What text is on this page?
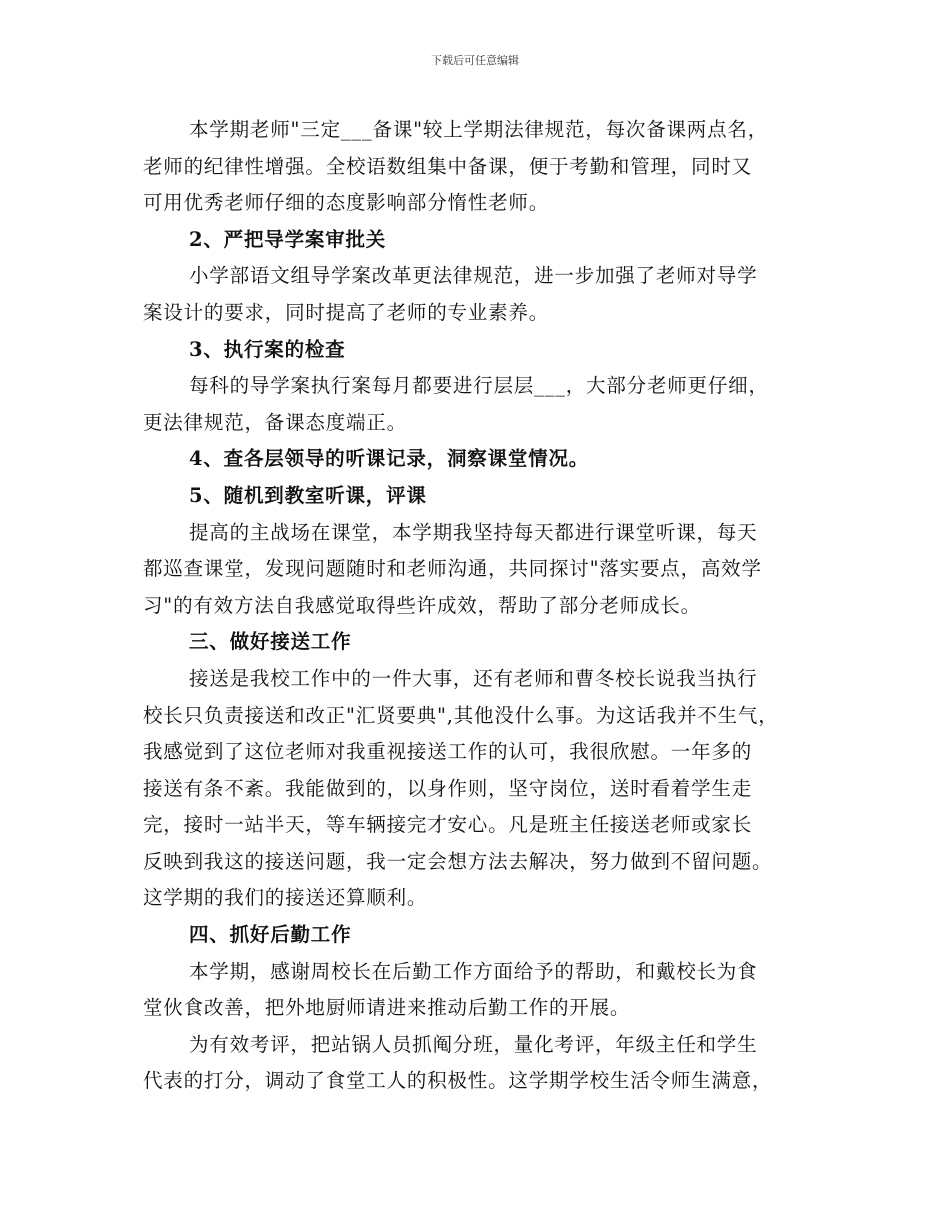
下载后可任意编辑
本学期老师"三定___备课"较上学期法律规范，每次备课两点名，
老师的纪律性增强。全校语数组集中备课，便于考勤和管理，同时又
可用优秀老师仔细的态度影响部分惰性老师。
2、严把导学案审批关
小学部语文组导学案改革更法律规范，进一步加强了老师对导学
案设计的要求，同时提高了老师的专业素养。
3、执行案的检查
每科的导学案执行案每月都要进行层层___，大部分老师更仔细，
更法律规范，备课态度端正。
4、查各层领导的听课记录，洞察课堂情况。
5、随机到教室听课，评课
提高的主战场在课堂，本学期我坚持每天都进行课堂听课，每天
都巡查课堂，发现问题随时和老师沟通，共同探讨"落实要点，高效学
习"的有效方法自我感觉取得些许成效，帮助了部分老师成长。
三、做好接送工作
接送是我校工作中的一件大事，还有老师和曹冬校长说我当执行
校长只负责接送和改正"汇贤要典",其他没什么事。为这话我并不生气，
我感觉到了这位老师对我重视接送工作的认可，我很欣慰。一年多的
接送有条不紊。我能做到的，以身作则，坚守岗位，送时看着学生走
完，接时一站半天，等车辆接完才安心。凡是班主任接送老师或家长
反映到我这的接送问题，我一定会想方法去解决，努力做到不留问题。
这学期的我们的接送还算顺利。
四、抓好后勤工作
本学期，感谢周校长在后勤工作方面给予的帮助，和戴校长为食
堂伙食改善，把外地厨师请进来推动后勤工作的开展。
为有效考评，把站锅人员抓阄分班，量化考评，年级主任和学生
代表的打分，调动了食堂工人的积极性。这学期学校生活令师生满意，
